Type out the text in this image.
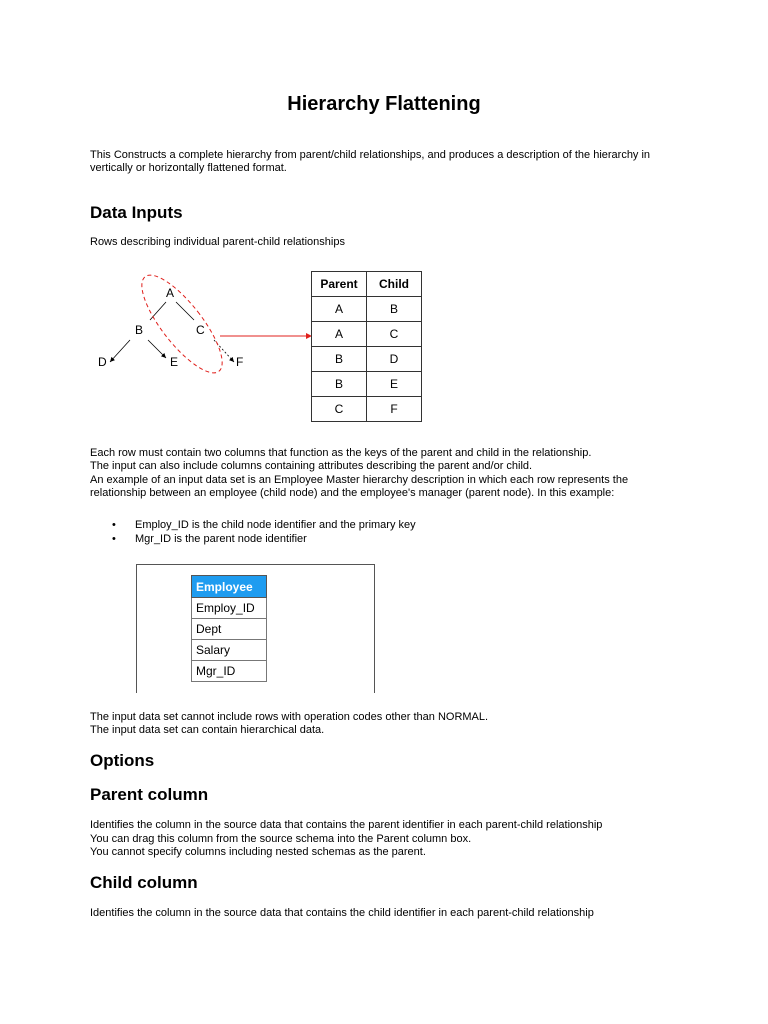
Hierarchy Flattening

This Constructs a complete hierarchy from parent/child relationships, and produces a description of the hierarchy in

vertically or horizontally flattened format.

Data Inputs

Rows describing individual parent-child relationships

A
B	C
D	E	F
Parent	Child
A	B
A	C
B	D
B	E
C	F

Each row must contain two columns that function as the keys of the parent and child in the relationship.

The input can also include columns containing attributes describing the parent and/or child.

An example of an input data set is an Employee Master hierarchy description in which each row represents the

relationship between an employee (child node) and the employee's manager (parent node). In this example:

• Employ_ID is the child node identifier and the primary key
• Mgr_ID is the parent node identifier
Employee
Employ_ID
Dept
Salary
Mgr_ID

The input data set cannot include rows with operation codes other than NORMAL.

The input data set can contain hierarchical data.

Options
Parent column

Identifies the column in the source data that contains the parent identifier in each parent-child relationship

You can drag this column from the source schema into the Parent column box.

You cannot specify columns including nested schemas as the parent.

Child column

Identifies the column in the source data that contains the child identifier in each parent-child relationship
